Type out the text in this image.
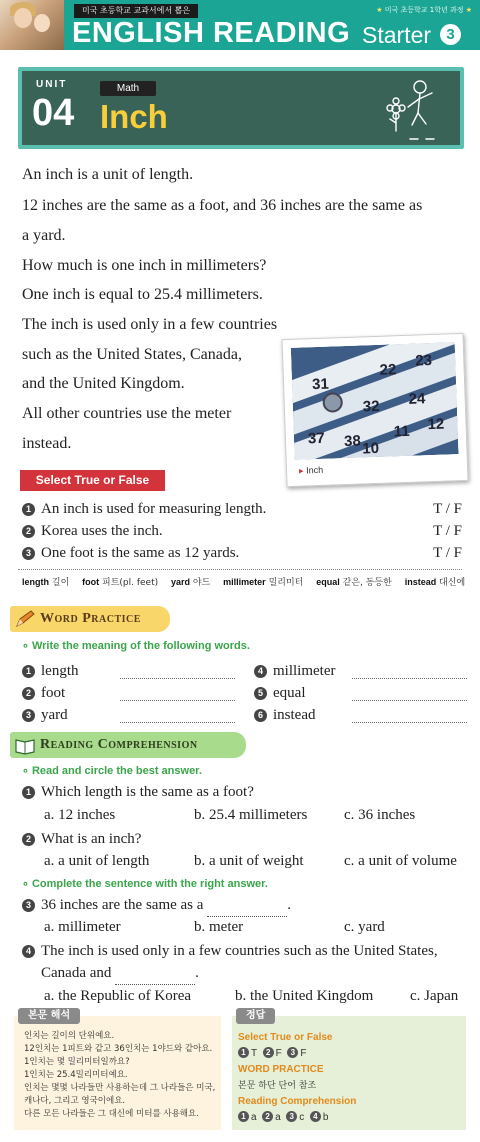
미국 초등학교 교과서에서 뽑은	★ 미국 초등학교 1학년 과정 ★
ENGLISH READING Starter	3
UNIT
04
Math
Inch
An inch is a unit of length.
12 inches are the same as a foot, and 36 inches are the same as
a yard.
How much is one inch in millimeters?
One inch is equal to 25.4 millimeters.
The inch is used only in a few countries
such as the United States, Canada,
and the United Kingdom.
All other countries use the meter
instead.
31
22
23
32 24
37 38
11 12
10
▸ Inch
Select True or False
1 An inch is used for measuring length.	T / F
2 Korea uses the inch.	T / F
3 One foot is the same as 12 yards.	T / F
length 길이 foot 피트(pl. feet) yard 야드 millimeter 밀리미터 equal 같은, 동등한 instead 대신에
Word Practice
∘ Write the meaning of the following words.
1 length
2 foot
3 yard
4 millimeter
5 equal
6 instead
Reading Comprehension
∘ Read and circle the best answer.
1 Which length is the same as a foot?
a. 12 inches	b. 25.4 millimeters c. 36 inches
2 What is an inch?
a. a unit of length	b. a unit of weight	c. a unit of volume
∘ Complete the sentence with the right answer.
3 36 inches are the same as a	.
a. millimeter	b. meter	c. yard
4 The inch is used only in a few countries such as the United States,
Canada and	.
a. the Republic of Korea	b. the United Kingdom c. Japan
본문 해석
인치는 길이의 단위예요.
12인치는 1피트와 같고 36인치는 1야드와 같아요.
1인치는 몇 밀리미터일까요?
1인치는 25.4밀리미터예요.
인치는 몇몇 나라들만 사용하는데 그 나라들은 미국,
캐나다, 그리고 영국이에요.
다른 모든 나라들은 그 대신에 미터를 사용해요.
정답
Select True or False
1 T 2 F 3 F
WORD PRACTICE
본문 하단 단어 참조
Reading Comprehension
1 a 2 a 3 c 4 b
